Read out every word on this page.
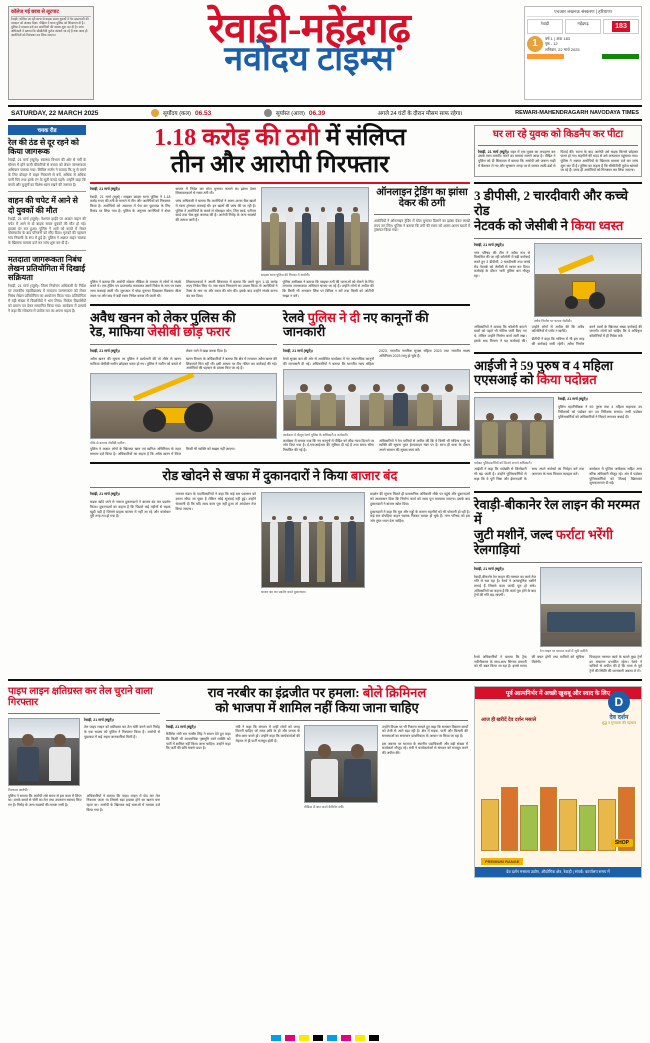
कॉलेज गई छात्रा से लूटपाट
रेवाड़ी। कॉलेज जा रही छात्रा से बाइक सवार युवकों ने चेन झपटमारी की वारदात को अंजाम दिया। पीड़िता ने थाना पुलिस को शिकायत दी है। पुलिस ने मामला दर्ज कर आरोपियों की तलाश शुरू कर दी है। जांच अधिकारी ने बताया कि सीसीटीवी फुटेज खंगाले जा रहे हैं तथा जल्द ही आरोपियों को गिरफ्तार कर लिया जाएगा।	रेवाड़ी-महेंद्रगढ़
नवोदय टाइम्स
एचआर लखनऊ संस्करण | हरियाणा
रेवाड़ी	महेंद्रगढ़	183
1	वर्ष 1 | अंक 183
पृष्ठ - 12
शनिवार, 22 मार्च 2025
SATURDAY, 22 MARCH 2025	सूर्योदय (कल) 06.53	सूर्यास्त (आज) 06.39	अगले 24 घंटों के दौरान मौसम साफ रहेगा।	REWARI-MAHENDRAGARH NAVODAYA TIMES
चयक रीड
रेल की ठंड से दूर रहने को किया जागरूक
रेवाड़ी, 21 मार्च (ब्यूरो)। स्वास्थ्य विभाग की ओर से गर्मी के मौसम में होने वाली बीमारियों से बचाव को लेकर जागरूकता अभियान चलाया गया। सिविल सर्जन ने बताया कि लू से बचने के लिए दोपहर में बाहर निकलने से बचें, अधिक से अधिक पानी पिएं तथा हल्के रंग के सूती कपड़े पहनें। उन्होंने कहा कि बच्चों और बुजुर्गों का विशेष ध्यान रखने की जरूरत है।
वाहन की चपेट में आने से दो युवकों की मौत
रेवाड़ी, 21 मार्च (ब्यूरो)। नेशनल हाईवे पर अज्ञात वाहन की चपेट में आने से दो बाइक सवार युवकों की मौत हो गई। हादसा देर रात हुआ। पुलिस ने शवों को कब्जे में लेकर पोस्टमार्टम के बाद परिजनों को सौंप दिया। मृतकों की पहचान गांव निवासी के रूप में हुई है। पुलिस ने अज्ञात वाहन चालक के खिलाफ मामला दर्ज कर जांच शुरू कर दी है।
मतदाता जागरूकता निबंध लेखन प्रतियोगिता में दिखाई सक्रियता
रेवाड़ी, 21 मार्च (ब्यूरो)। जिला निर्वाचन अधिकारी के निर्देश पर राजकीय महाविद्यालय में मतदाता जागरूकता को लेकर निबंध लेखन प्रतियोगिता का आयोजन किया गया। प्रतियोगिता में बड़ी संख्या में विद्यार्थियों ने भाग लिया। विजेता विद्यार्थियों को प्रमाण पत्र देकर सम्मानित किया गया। कार्यक्रम में प्राचार्य ने कहा कि लोकतंत्र में प्रत्येक मत का अपना महत्व है।
1.18 करोड़ की ठगी में संलिप्त
तीन और आरोपी गिरफ्तार

रेवाड़ी, 21 मार्च (ब्यूरो)।

रेवाड़ी, 21 मार्च (ब्यूरो)। साइबर क्राइम थाना पुलिस ने 1.18 करोड़ रुपए की ठगी के मामले में तीन और आरोपियों को गिरफ्तार किया है। आरोपियों को अदालत में पेश कर पूछताछ के लिए रिमांड पर लिया गया है। पुलिस के अनुसार आरोपियों ने शेयर बाजार में निवेश कर मोटा मुनाफा कमाने का झांसा देकर शिकायतकर्ता से रकम ठगी थी।

जांच अधिकारी ने बताया कि आरोपियों ने अलग-अलग बैंक खातों में रकम ट्रांसफर करवाई थी। इन खातों की जांच की जा रही है। पुलिस ने आरोपियों के कब्जे से मोबाइल फोन, सिम कार्ड, एटीएम कार्ड तथा चेक बुक बरामद की है। आरोपी गिरोह के अन्य सदस्यों की तलाश जारी है।

साइबर थाना पुलिस की गिरफ्त में आरोपी।
ऑनलाइन ट्रेडिंग का झांसा देकर की ठगी
आरोपियों ने ऑनलाइन ट्रेडिंग में मोटा मुनाफा दिलाने का झांसा देकर लाखों रुपए ठग लिए। पुलिस ने बताया कि ठगी की रकम को अलग-अलग खातों में ट्रांसफर किया गया।

पुलिस ने बताया कि आरोपी सोशल मीडिया के माध्यम से लोगों से संपर्क करते थे। एक ट्रेडिंग एप डाउनलोड करवाकर उसमें निवेश के नाम पर रकम जमा करवाई जाती थी। शुरुआत में थोड़ा मुनाफा दिखाकर विश्वास जीता जाता था और बाद में बड़ी रकम निवेश करवा ली जाती थी।

शिकायतकर्ता ने अपनी शिकायत में बताया कि उसने कुल 1.18 करोड़ रुपए निवेश किए थे। जब रकम निकालने का प्रयास किया तो आरोपियों ने टैक्स के नाम पर और रकम की मांग की। इसके बाद उन्होंने संपर्क करना बंद कर दिया।

पुलिस अधीक्षक ने बताया कि साइबर ठगी की घटनाओं को रोकने के लिए लगातार जागरूकता अभियान चलाए जा रहे हैं। उन्होंने लोगों से अपील की कि किसी भी अनजान लिंक पर क्लिक न करें तथा किसी को ओटीपी साझा न करें।

अवैध खनन को लेकर पुलिस की
रेड, माफिया जेसीबी छोड़ फरार

रेवाड़ी, 21 मार्च (ब्यूरो)।

अवैध खनन की सूचना पर पुलिस ने छापेमारी की तो मौके से खनन माफिया जेसीबी मशीन छोड़कर फरार हो गए। पुलिस ने मशीन को कब्जे में लेकर थाने में खड़ा करवा दिया है।

खनन विभाग के अधिकारियों ने बताया कि क्षेत्र में लगातार अवैध खनन की शिकायतें मिल रही थीं। इसी आधार पर टीम गठित कर कार्रवाई की गई। आरोपियों की पहचान के प्रयास किए जा रहे हैं।

मौके से बरामद जेसीबी मशीन।

पुलिस ने अज्ञात लोगों के खिलाफ खान एवं खनिज अधिनियम के तहत मामला दर्ज किया है। अधिकारियों का कहना है कि अवैध खनन में लिप्त किसी भी व्यक्ति को बख्शा नहीं जाएगा।

रेलवे पुलिस ने दी नए कानूनों की जानकारी

रेवाड़ी, 21 मार्च (ब्यूरो)।

रेलवे सुरक्षा बल की ओर से आयोजित कार्यक्रम में नए आपराधिक कानूनों की जानकारी दी गई। अधिकारियों ने बताया कि भारतीय न्याय संहिता 2023, भारतीय नागरिक सुरक्षा संहिता 2023 तथा भारतीय साक्ष्य अधिनियम 2023 लागू हो चुके हैं।

कार्यक्रम में मौजूद रेलवे पुलिस के अधिकारी व कर्मचारी।

कार्यक्रम में बताया गया कि नए कानूनों में पीड़ित को शीघ्र न्याय दिलाने पर जोर दिया गया है। ई-एफआईआर की सुविधा दी गई है तथा समय सीमा निर्धारित की गई है।

अधिकारियों ने रेल यात्रियों से अपील की कि वे किसी भी संदिग्ध वस्तु या व्यक्ति की सूचना तुरंत हेल्पलाइन नंबर पर दें। साथ ही यात्रा के दौरान अपने सामान की सुरक्षा स्वयं करें।

रोड खोदने से खफा में दुकानदारों ने किया बाजार बंद

रेवाड़ी, 21 मार्च (ब्यूरो)।

सड़क खोदे जाने से नाराज दुकानदारों ने बाजार बंद कर प्रदर्शन किया। दुकानदारों का कहना है कि पिछले कई महीनों से सड़क खुदी पड़ी है जिससे ग्राहक बाजार में नहीं आ रहे और कारोबार पूरी तरह ठप हो गया है।

व्यापार मंडल के पदाधिकारियों ने कहा कि कई बार प्रशासन को ज्ञापन सौंपा जा चुका है लेकिन कोई सुनवाई नहीं हुई। उन्होंने चेतावनी दी कि यदि जल्द काम पूरा नहीं हुआ तो आंदोलन तेज किया जाएगा।

बाजार बंद कर प्रदर्शन करते दुकानदार।

प्रदर्शन की सूचना मिलते ही प्रशासनिक अधिकारी मौके पर पहुंचे और दुकानदारों को आश्वासन दिया कि निर्माण कार्य को जल्द पूरा करवाया जाएगा। इसके बाद दुकानदारों ने बाजार खोल दिया।

दुकानदारों ने कहा कि धूल और गड्ढों के कारण राहगीरों को भी परेशानी हो रही है। कई बार दोपहिया वाहन चालक गिरकर घायल हो चुके हैं। नगर परिषद को इस ओर तुरंत ध्यान देना चाहिए।

घर ला रहे युवक को किडनैप कर पीटा

रेवाड़ी, 21 मार्च (ब्यूरो)। शहर में एक युवक का अपहरण कर उसके साथ मारपीट करने का मामला सामने आया है। पीड़ित ने पुलिस को दी शिकायत में बताया कि आरोपी उसे जबरन गाड़ी में बैठाकर ले गए और सुनसान जगह पर ले जाकर लाठी-डंडों से पिटाई की। घटना के बाद आरोपी उसे सड़क किनारे छोड़कर फरार हो गए। राहगीरों की मदद से उसे अस्पताल पहुंचाया गया। पुलिस ने अज्ञात आरोपियों के खिलाफ मामला दर्ज कर जांच शुरू कर दी है। पुलिस का कहना है कि सीसीटीवी फुटेज खंगाले जा रहे हैं। जल्द ही आरोपियों को गिरफ्तार कर लिया जाएगा।

3 डीपीसी, 2 चारदीवारी और कच्चे रोड
नेटवर्क को जेसीबी ने किया ध्वस्त

रेवाड़ी, 21 मार्च (ब्यूरो)।

नगर परिषद की टीम ने अवैध रूप से विकसित की जा रही कॉलोनी में बड़ी कार्रवाई करते हुए 3 डीपीसी, 2 चारदीवारी तथा कच्चे रोड नेटवर्क को जेसीबी से ध्वस्त कर दिया। कार्रवाई के दौरान भारी पुलिस बल मौजूद रहा।

अवैध निर्माण पर चलता जेसीबी।

अधिकारियों ने बताया कि कॉलोनी काटने वालों को पहले भी नोटिस जारी किए गए थे, लेकिन उन्होंने निर्माण कार्य जारी रखा। इसके बाद विभाग ने यह कार्रवाई की। उन्होंने लोगों से अपील की कि अवैध कॉलोनियों में प्लॉट न खरीदें।

डीटीपी ने कहा कि भविष्य में भी इस तरह की कार्रवाई जारी रहेगी। अवैध निर्माण करने वालों के खिलाफ सख्त कार्रवाई की जाएगी। लोगों को चाहिए कि वे अधिकृत कॉलोनियों में ही निवेश करें।

आईजी ने 59 पुरुष व 4 महिला
एएसआई को किया पदोन्नत
पदोन्नत पुलिसकर्मियों को सितारे लगाते अधिकारी।

रेवाड़ी, 21 मार्च (ब्यूरो)।

पुलिस महानिरीक्षक ने 59 पुरुष तथा 4 महिला सहायक उप निरीक्षकों को पदोन्नत कर उप निरीक्षक बनाया। सभी पदोन्नत पुलिसकर्मियों को अधिकारियों ने सितारे लगाकर बधाई दी।

आईजी ने कहा कि पदोन्नति से जिम्मेदारी भी बढ़ जाती है। उन्होंने पुलिसकर्मियों से कहा कि वे पूरी निष्ठा और ईमानदारी के साथ अपने कर्तव्यों का निर्वहन करें तथा आमजन के साथ मित्रवत व्यवहार करें।

कार्यक्रम में पुलिस अधीक्षक सहित अन्य वरिष्ठ अधिकारी मौजूद रहे। अंत में पदोन्नत पुलिसकर्मियों को मिठाई खिलाकर शुभकामनाएं दी गईं।

रेवाड़ी-बीकानेर रेल लाइन की मरम्मत में
जुटी मशीनें, जल्द फर्राटा भरेंगी रेलगाड़ियां

रेवाड़ी, 21 मार्च (ब्यूरो)।

रेवाड़ी-बीकानेर रेल लाइन की मरम्मत का कार्य तेज गति से चल रहा है। रेलवे ने अत्याधुनिक मशीनें लगाई हैं जिससे काम जल्दी पूरा हो सके। अधिकारियों का कहना है कि कार्य पूरा होने के बाद ट्रेनों की गति बढ़ जाएगी।

रेल लाइन पर मरम्मत कार्य में जुटी मशीनें।

रेलवे अधिकारियों ने बताया कि ट्रैक नवीनीकरण के साथ-साथ सिग्नल प्रणाली को भी उन्नत किया जा रहा है। इससे समय की बचत होगी तथा यात्रियों को सुविधा मिलेगी।

फिलहाल मरम्मत कार्य के चलते कुछ ट्रेनों का संचालन प्रभावित रहेगा। रेलवे ने यात्रियों से अपील की है कि यात्रा से पूर्व ट्रेनों की स्थिति की जानकारी अवश्य ले लें।

पाइप लाइन क्षतिग्रस्त कर तेल चुराने वाला गिरफ्तार
गिरफ्तार आरोपी।

रेवाड़ी, 21 मार्च (ब्यूरो)।

तेल पाइप लाइन को क्षतिग्रस्त कर तेल चोरी करने वाले गिरोह के एक सदस्य को पुलिस ने गिरफ्तार किया है। आरोपी से पूछताछ में कई अहम जानकारियां मिली हैं।

पुलिस ने बताया कि आरोपी लंबे समय से इस काम में लिप्त था। उसके कब्जे से चोरी का तेल तथा उपकरण बरामद किए गए हैं। गिरोह के अन्य सदस्यों की तलाश जारी है।

अधिकारियों ने बताया कि पाइप लाइन में छेद कर तेल निकाला जाता था जिससे बड़ा हादसा होने का खतरा बना रहता था। आरोपी के खिलाफ कई धाराओं में मामला दर्ज किया गया है।

राव नरबीर का इंद्रजीत पर हमला: बोले क्रिमिनल
को भाजपा में शामिल नहीं किया जाना चाहिए

रेवाड़ी, 21 मार्च (ब्यूरो)।

कैबिनेट मंत्री राव नरबीर सिंह ने बयान देते हुए कहा कि किसी भी आपराधिक पृष्ठभूमि वाले व्यक्ति को पार्टी में शामिल नहीं किया जाना चाहिए। उन्होंने कहा कि पार्टी की छवि सबसे ऊपर है।

मंत्री ने कहा कि संगठन में उन्हीं लोगों को जगह मिलनी चाहिए जो साफ छवि के हों और जनता के बीच काम करते हों। उन्होंने कहा कि कार्यकर्ताओं की मेहनत से ही पार्टी मजबूत होती है।

मीडिया से बात करते कैबिनेट मंत्री।

उन्होंने विपक्ष पर भी निशाना साधते हुए कहा कि सरकार विकास कार्यों को तेजी से आगे बढ़ा रही है। क्षेत्र में सड़क, पानी और बिजली की समस्याओं का समाधान प्राथमिकता के आधार पर किया जा रहा है।

इस अवसर पर भाजपा के स्थानीय पदाधिकारी और बड़ी संख्या में कार्यकर्ता मौजूद रहे। मंत्री ने कार्यकर्ताओं से संगठन को मजबूत करने की अपील की।

पूर्व आत्मनिर्भर में अच्छी खुशबू और स्वाद के लिए
D
देव दर्शन
शुद्ध व गुणवत्ता की पहचान
आज ही खरीदें देव दर्शन मसाले
SHOP
PREMIUM RANGE
देव दर्शन मसाला उद्योग, औद्योगिक क्षेत्र, रेवाड़ी | संपर्क: कार्यालय समय में
